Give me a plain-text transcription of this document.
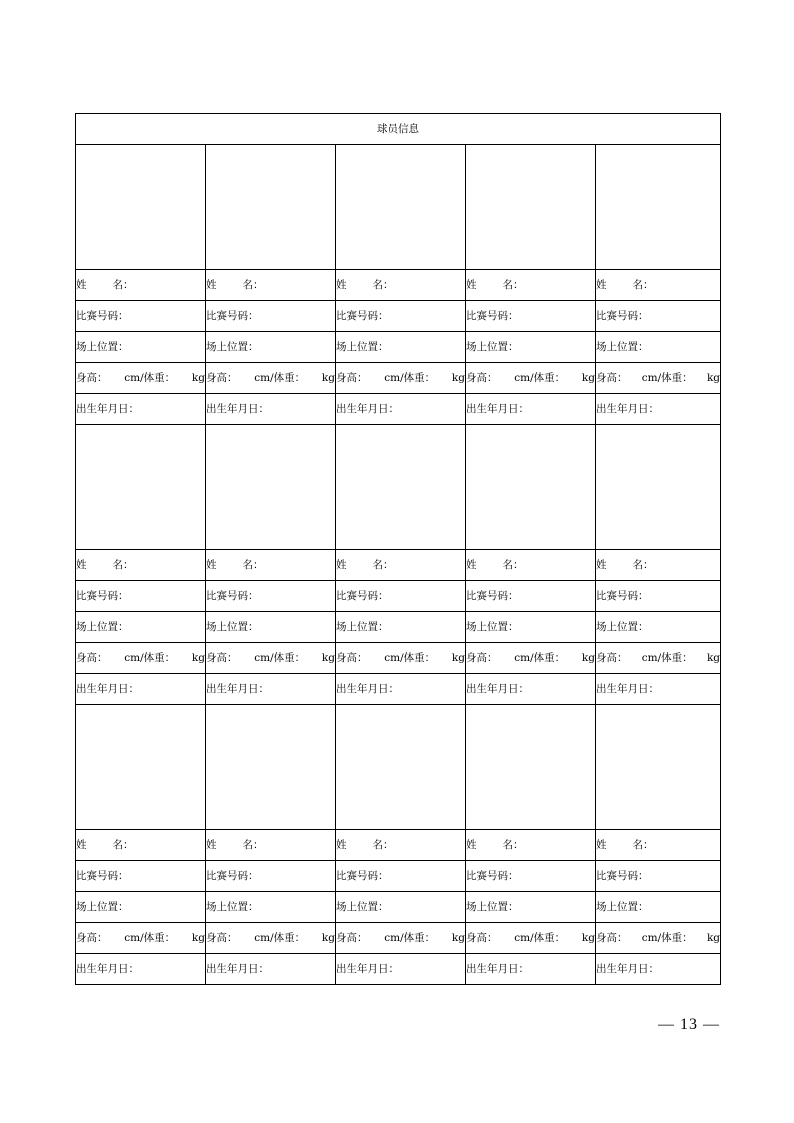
球员信息				

姓 名：	姓 名：	姓 名：	姓 名：	姓 名：
比赛号码：	比赛号码：	比赛号码：	比赛号码：	比赛号码：
场上位置：	场上位置：	场上位置：	场上位置：	场上位置：

身高： cm/体重： kg	身高： cm/体重： kg	身高： cm/体重： kg	身高： cm/体重： kg	身高： cm/体重： kg

出生年月日：	出生年月日：	出生年月日：	出生年月日：	出生年月日：

姓 名：	姓 名：	姓 名：	姓 名：	姓 名：
比赛号码：	比赛号码：	比赛号码：	比赛号码：	比赛号码：
场上位置：	场上位置：	场上位置：	场上位置：	场上位置：

身高： cm/体重： kg	身高： cm/体重： kg	身高： cm/体重： kg	身高： cm/体重： kg	身高： cm/体重： kg

出生年月日：	出生年月日：	出生年月日：	出生年月日：	出生年月日：

姓 名：	姓 名：	姓 名：	姓 名：	姓 名：
比赛号码：	比赛号码：	比赛号码：	比赛号码：	比赛号码：
场上位置：	场上位置：	场上位置：	场上位置：	场上位置：

身高： cm/体重： kg	身高： cm/体重： kg	身高： cm/体重： kg	身高： cm/体重： kg	身高： cm/体重： kg

出生年月日：	出生年月日：	出生年月日：	出生年月日：	出生年月日：
— 13 —
